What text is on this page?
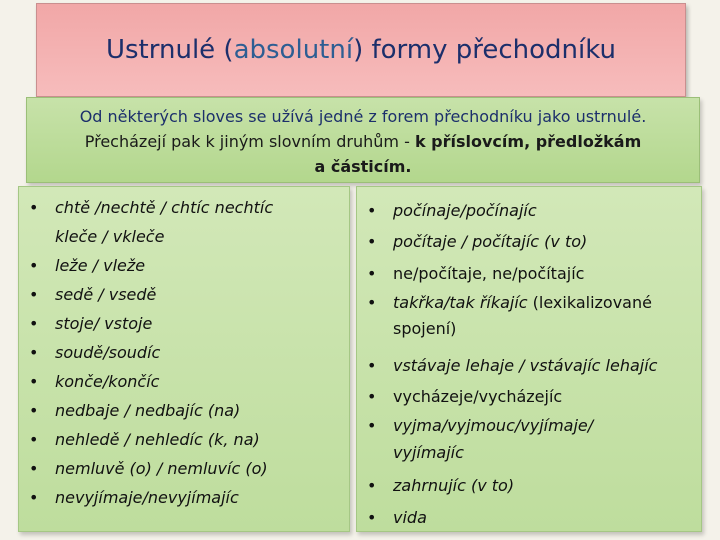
Ustrnulé (absolutní) formy přechodníku
Od některých sloves se užívá jedné z forem přechodníku jako ustrnulé.
Přecházejí pak k jiným slovním druhům - k příslovcím, předložkám
a částicím.
• chtě /nechtě / chtíc nechtíc
kleče / vkleče
• leže / vleže
• sedě / vsedě
• stoje/ vstoje
• soudě/soudíc
• konče/končíc
• nedbaje / nedbajíc (na)
• nehledě / nehledíc (k, na)
• nemluvě (o) / nemluvíc (o)
• nevyjímaje/nevyjímajíc
• počínaje/počínajíc
• počítaje / počítajíc (v to)
• ne/počítaje, ne/počítajíc
• takřka/tak říkajíc (lexikalizované
spojení)
• vstávaje lehaje / vstávajíc lehajíc
• vycházeje/vycházejíc
• vyjma/vyjmouc/vyjímaje/
vyjímajíc
• zahrnujíc (v to)
• vida
